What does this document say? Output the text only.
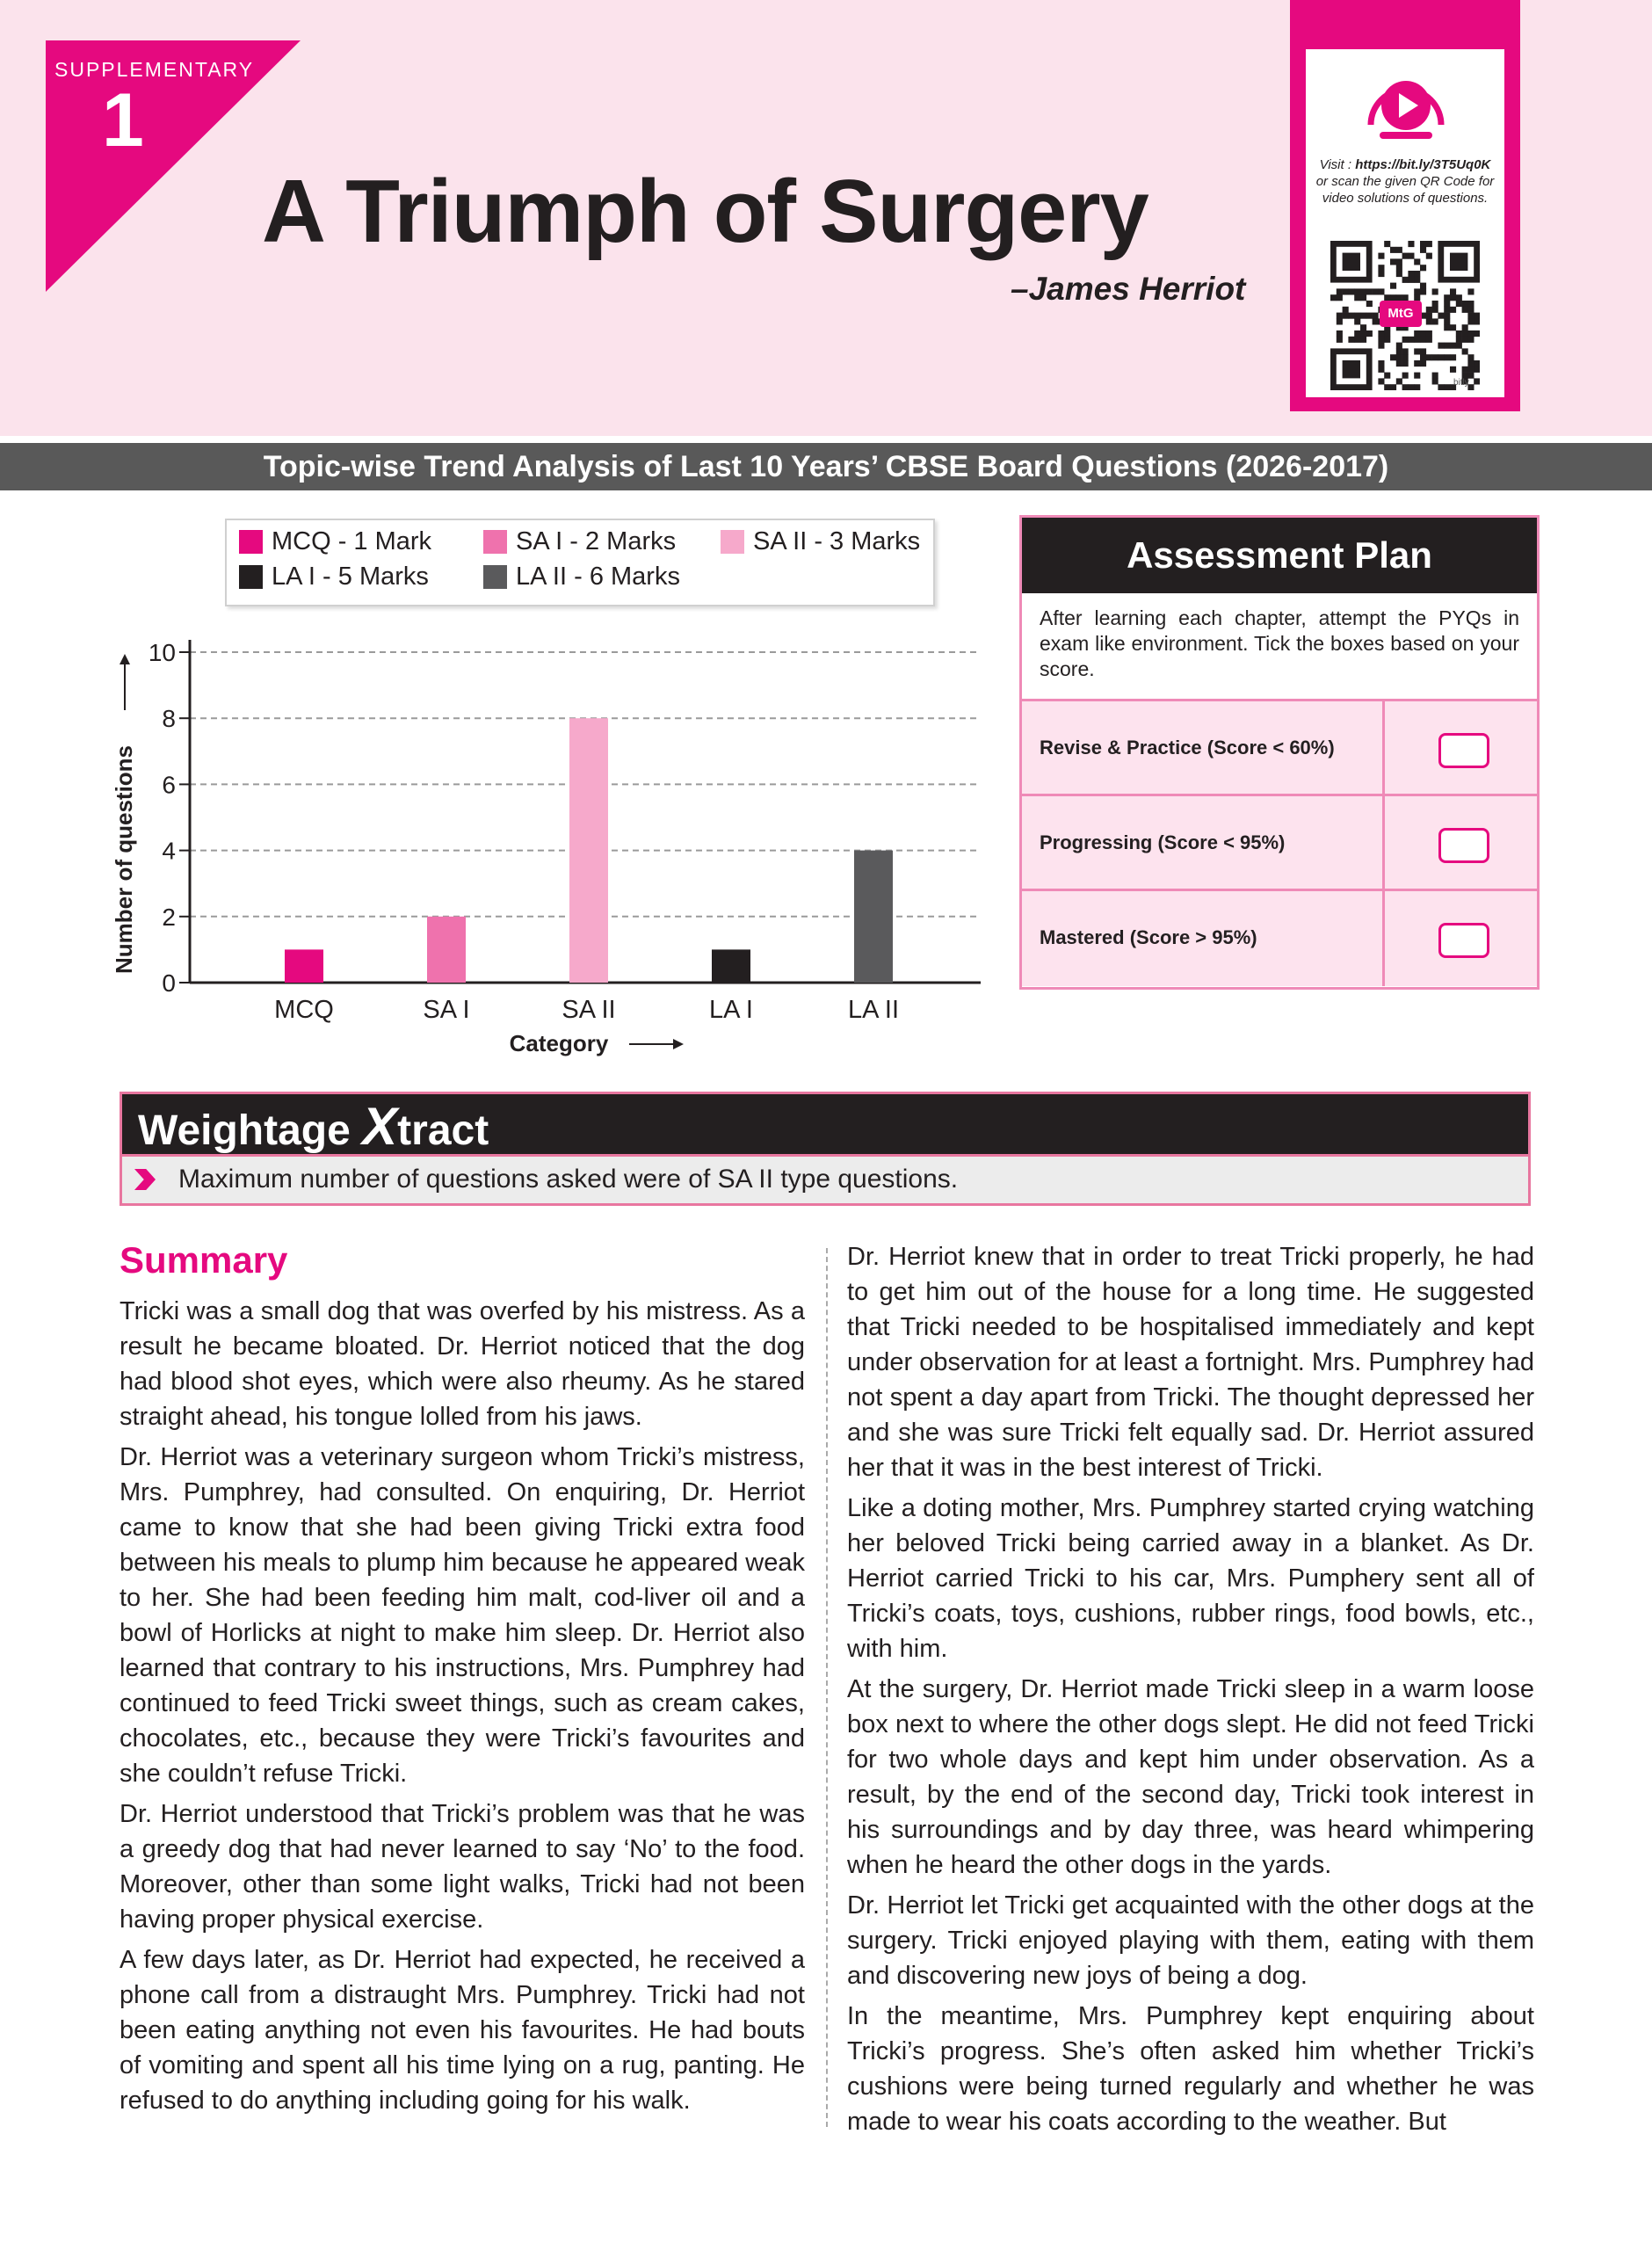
SUPPLEMENTARY
1
A Triumph of Surgery
–James Herriot
Visit : https://bit.ly/3T5Uq0K
or scan the given QR Code for video solutions of questions.
MtG
bitly
Topic-wise Trend Analysis of Last 10 Years’ CBSE Board Questions (2026-2017)
MCQ - 1 Mark	SA I - 2 Marks	SA II - 3 Marks
LA I - 5 Marks	LA II - 6 Marks
0
2
4
6
8
10
MCQ	SA I	SA II	LA I	LA II
Category
Number of questions
Assessment Plan
After learning each chapter, attempt the PYQs in exam like environment. Tick the boxes based on your score.
Revise & Practice (Score < 60%)
Progressing (Score < 95%)
Mastered (Score > 95%)
Weightage Xtract
Maximum number of questions asked were of SA II type questions.
Summary

Tricki was a small dog that was overfed by his mistress. As a result he became bloated. Dr. Herriot noticed that the dog had blood shot eyes, which were also rheumy. As he stared straight ahead, his tongue lolled from his jaws.

Dr. Herriot was a veterinary surgeon whom Tricki’s mistress, Mrs. Pumphrey, had consulted. On enquiring, Dr. Herriot came to know that she had been giving Tricki extra food between his meals to plump him because he appeared weak to her. She had been feeding him malt, cod-liver oil and a bowl of Horlicks at night to make him sleep. Dr. Herriot also learned that contrary to his instructions, Mrs. Pumphrey had continued to feed Tricki sweet things, such as cream cakes, chocolates, etc., because they were Tricki’s favourites and she couldn’t refuse Tricki.

Dr. Herriot understood that Tricki’s problem was that he was a greedy dog that had never learned to say ‘No’ to the food. Moreover, other than some light walks, Tricki had not been having proper physical exercise.

A few days later, as Dr. Herriot had expected, he received a phone call from a distraught Mrs. Pumphrey. Tricki had not been eating anything not even his favourites. He had bouts of vomiting and spent all his time lying on a rug, panting. He refused to do anything including going for his walk.

Dr. Herriot knew that in order to treat Tricki properly, he had to get him out of the house for a long time. He suggested that Tricki needed to be hospitalised immediately and kept under observation for at least a fortnight. Mrs. Pumphrey had not spent a day apart from Tricki. The thought depressed her and she was sure Tricki felt equally sad. Dr. Herriot assured her that it was in the best interest of Tricki.

Like a doting mother, Mrs. Pumphrey started crying watching her beloved Tricki being carried away in a blanket. As Dr. Herriot carried Tricki to his car, Mrs. Pumphery sent all of Tricki’s coats, toys, cushions, rubber rings, food bowls, etc., with him.

At the surgery, Dr. Herriot made Tricki sleep in a warm loose box next to where the other dogs slept. He did not feed Tricki for two whole days and kept him under observation. As a result, by the end of the second day, Tricki took interest in his surroundings and by day three, was heard whimpering when he heard the other dogs in the yards.

Dr. Herriot let Tricki get acquainted with the other dogs at the surgery. Tricki enjoyed playing with them, eating with them and discovering new joys of being a dog.

In the meantime, Mrs. Pumphrey kept enquiring about Tricki’s progress. She’s often asked him whether Tricki’s cushions were being turned regularly and whether he was made to wear his coats according to the weather. But
